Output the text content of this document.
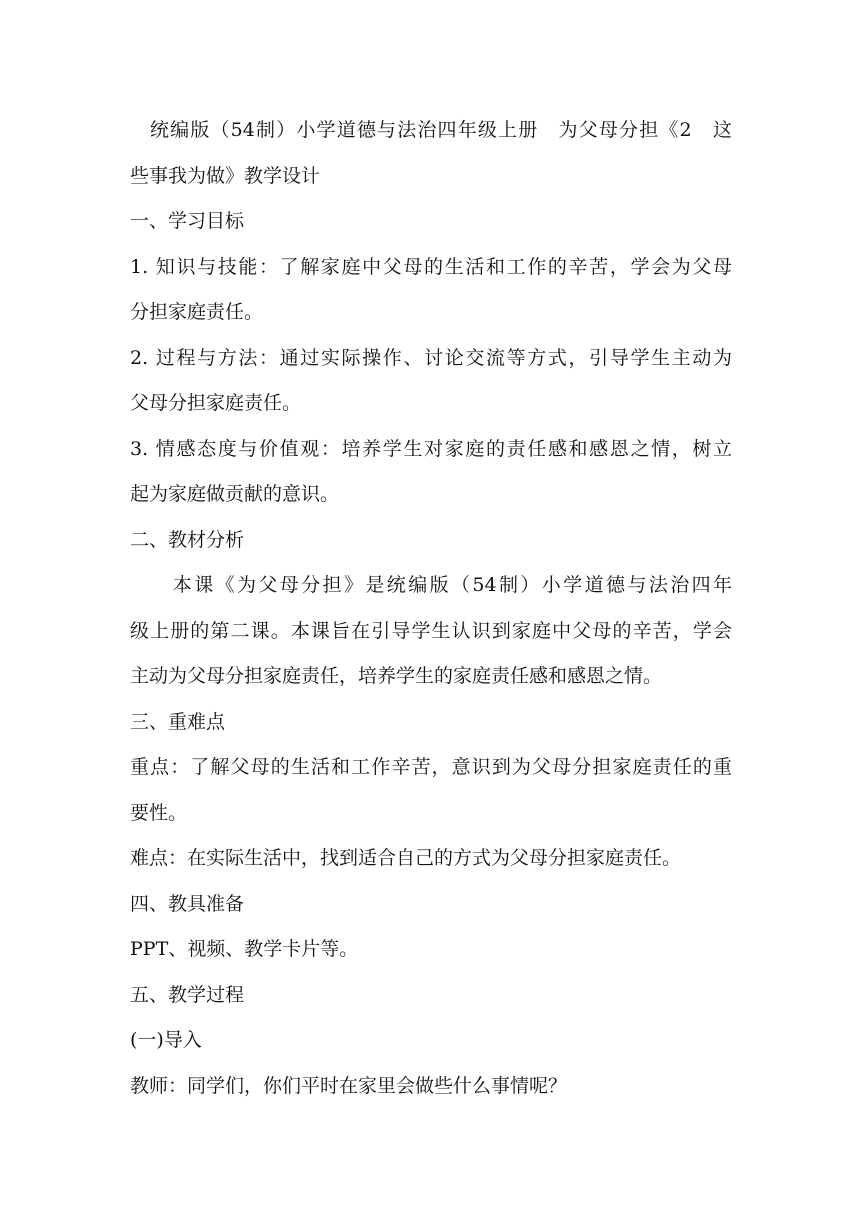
统编版（54制）小学道德与法治四年级上册　为父母分担《2　这

些事我为做》教学设计

一、学习目标

1. 知识与技能：了解家庭中父母的生活和工作的辛苦，学会为父母

分担家庭责任。

2. 过程与方法：通过实际操作、讨论交流等方式，引导学生主动为

父母分担家庭责任。

3. 情感态度与价值观：培养学生对家庭的责任感和感恩之情，树立

起为家庭做贡献的意识。

二、教材分析

　　本课《为父母分担》是统编版（54制）小学道德与法治四年

级上册的第二课。本课旨在引导学生认识到家庭中父母的辛苦，学会

主动为父母分担家庭责任，培养学生的家庭责任感和感恩之情。

三、重难点

重点：了解父母的生活和工作辛苦，意识到为父母分担家庭责任的重

要性。

难点：在实际生活中，找到适合自己的方式为父母分担家庭责任。

四、教具准备

PPT、视频、教学卡片等。

五、教学过程

(一)导入

教师：同学们，你们平时在家里会做些什么事情呢？
